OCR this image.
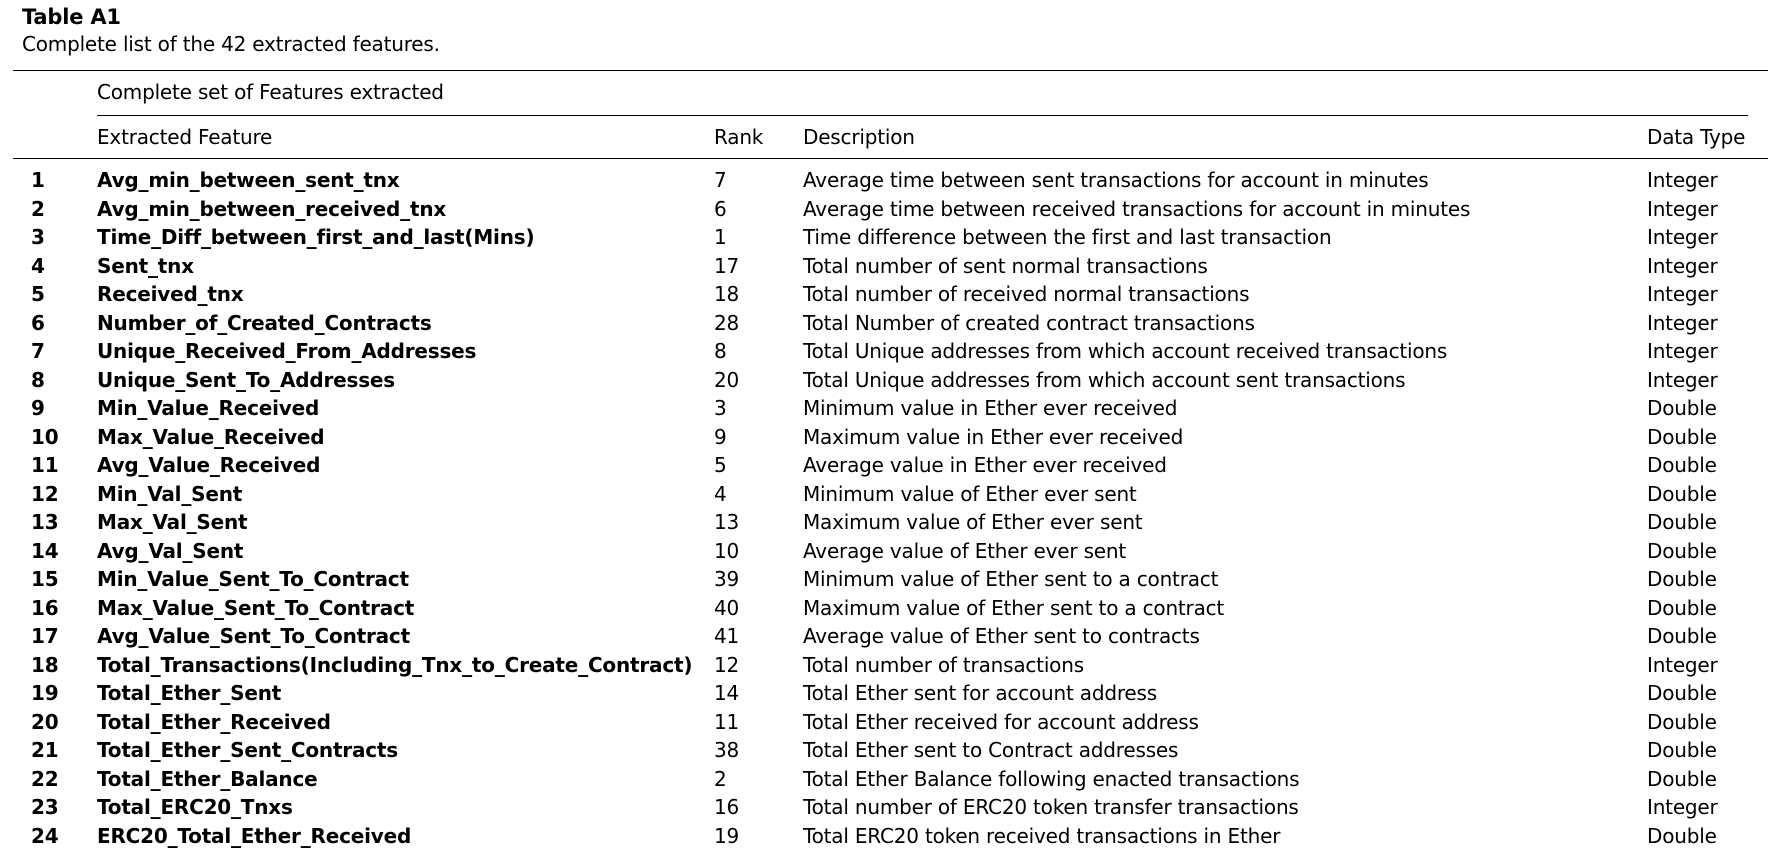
Table A1
Complete list of the 42 extracted features.
Complete set of Features extracted
Extracted Feature	Rank Description	Data Type
1	Avg_min_between_sent_tnx	7	Average time between sent transactions for account in minutes	Integer
2	Avg_min_between_received_tnx	6	Average time between received transactions for account in minutes	Integer
3	Time_Diff_between_first_and_last(Mins)	1	Time difference between the first and last transaction	Integer
4	Sent_tnx	17	Total number of sent normal transactions	Integer
5	Received_tnx	18	Total number of received normal transactions	Integer
6	Number_of_Created_Contracts	28	Total Number of created contract transactions	Integer
7	Unique_Received_From_Addresses	8	Total Unique addresses from which account received transactions	Integer
8	Unique_Sent_To_Addresses	20	Total Unique addresses from which account sent transactions	Integer
9	Min_Value_Received	3	Minimum value in Ether ever received	Double
10	Max_Value_Received	9	Maximum value in Ether ever received	Double
11	Avg_Value_Received	5	Average value in Ether ever received	Double
12	Min_Val_Sent	4	Minimum value of Ether ever sent	Double
13	Max_Val_Sent	13	Maximum value of Ether ever sent	Double
14	Avg_Val_Sent	10	Average value of Ether ever sent	Double
15	Min_Value_Sent_To_Contract	39	Minimum value of Ether sent to a contract	Double
16	Max_Value_Sent_To_Contract	40	Maximum value of Ether sent to a contract	Double
17	Avg_Value_Sent_To_Contract	41	Average value of Ether sent to contracts	Double
18	Total_Transactions(Including_Tnx_to_Create_Contract) 12	Total number of transactions	Integer
19	Total_Ether_Sent	14	Total Ether sent for account address	Double
20	Total_Ether_Received	11	Total Ether received for account address	Double
21	Total_Ether_Sent_Contracts	38	Total Ether sent to Contract addresses	Double
22	Total_Ether_Balance	2	Total Ether Balance following enacted transactions	Double
23	Total_ERC20_Tnxs	16	Total number of ERC20 token transfer transactions	Integer
24	ERC20_Total_Ether_Received	19	Total ERC20 token received transactions in Ether	Double
